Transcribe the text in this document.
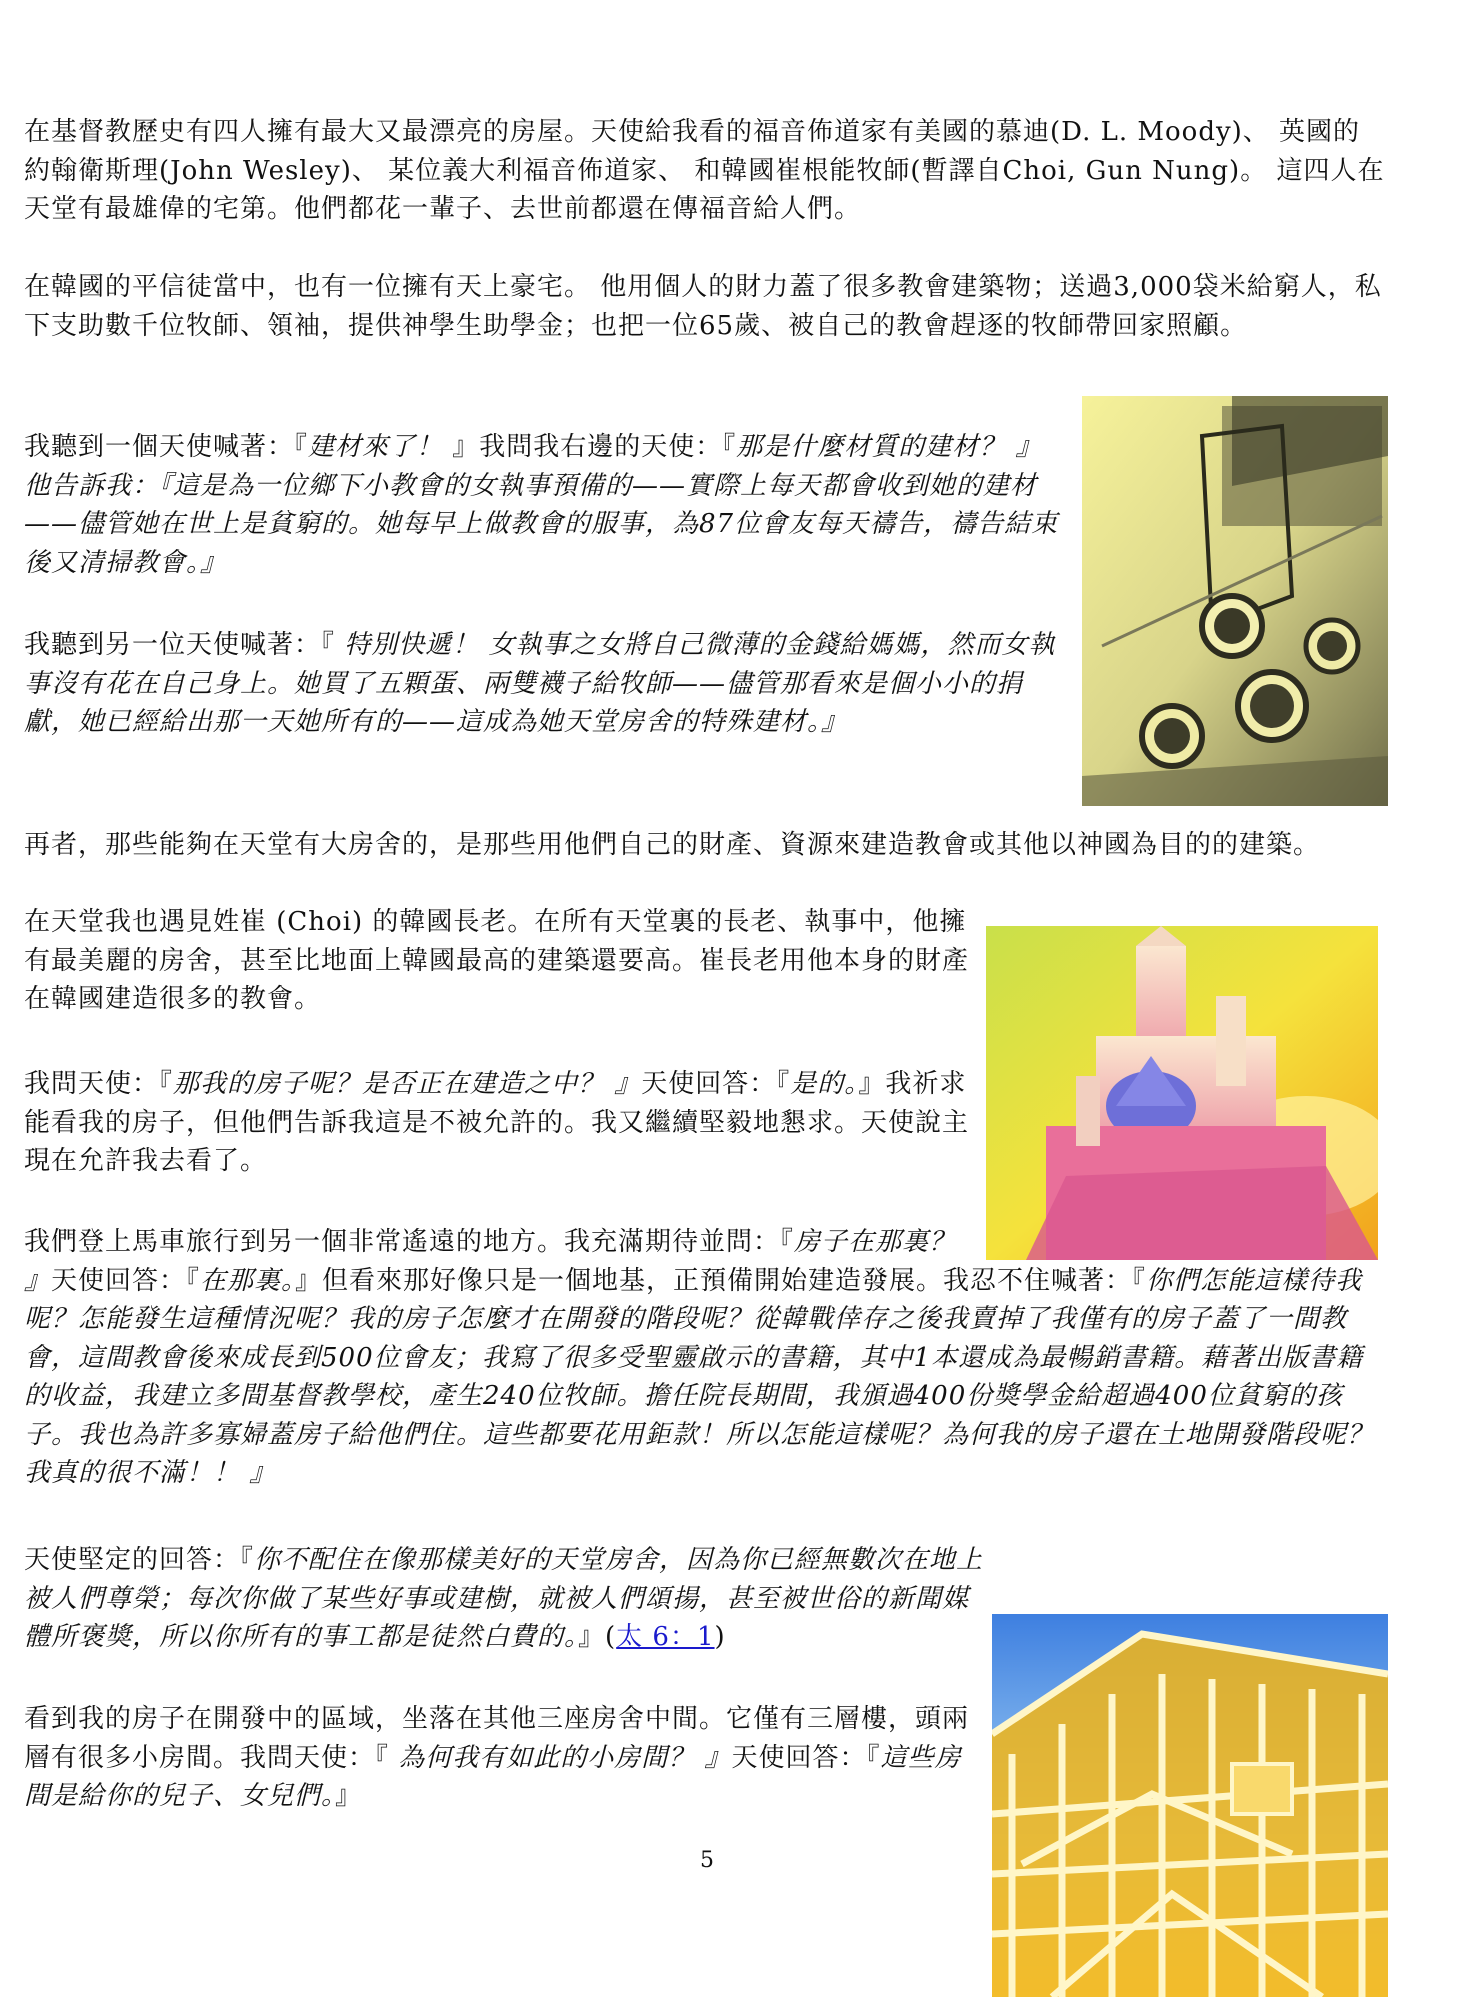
在基督教歷史有四人擁有最大又最漂亮的房屋。天使給我看的福音佈道家有美國的慕迪(D. L. Moody)、 英國的約翰衛斯理(John Wesley)、 某位義大利福音佈道家、 和韓國崔根能牧師(暫譯自Choi, Gun Nung)。 這四人在天堂有最雄偉的宅第。他們都花一輩子、去世前都還在傳福音給人們。

在韓國的平信徒當中，也有一位擁有天上豪宅。 他用個人的財力蓋了很多教會建築物；送過3,000袋米給窮人，私下支助數千位牧師、領袖，提供神學生助學金；也把一位65歲、被自己的教會趕逐的牧師帶回家照顧。

我聽到一個天使喊著：『建材來了！ 』我問我右邊的天使：『那是什麼材質的建材？ 』他告訴我：『這是為一位鄉下小教會的女執事預備的——實際上每天都會收到她的建材——儘管她在世上是貧窮的。她每早上做教會的服事，為87位會友每天禱告，禱告結束後又清掃教會。』

我聽到另一位天使喊著：『 特別快遞！ 女執事之女將自己微薄的金錢給媽媽，然而女執事沒有花在自己身上。她買了五顆蛋、兩雙襪子給牧師——儘管那看來是個小小的捐獻，她已經給出那一天她所有的——這成為她天堂房舍的特殊建材。』

再者，那些能夠在天堂有大房舍的，是那些用他們自己的財產、資源來建造教會或其他以神國為目的的建築。

在天堂我也遇見姓崔 (Choi) 的韓國長老。在所有天堂裏的長老、執事中，他擁有最美麗的房舍，甚至比地面上韓國最高的建築還要高。崔長老用他本身的財產在韓國建造很多的教會。

我問天使：『那我的房子呢？是否正在建造之中？ 』天使回答：『是的。』我祈求能看我的房子，但他們告訴我這是不被允許的。我又繼續堅毅地懇求。天使說主現在允許我去看了。

我們登上馬車旅行到另一個非常遙遠的地方。我充滿期待並問：『房子在那裏？ 』天使回答：『在那裏。』但看來那好像只是一個地基，正預備開始建造發展。我忍不住喊著：『你們怎能這樣待我呢？怎能發生這種情況呢？我的房子怎麼才在開發的階段呢？從韓戰倖存之後我賣掉了我僅有的房子蓋了一間教會，這間教會後來成長到500位會友；我寫了很多受聖靈啟示的書籍，其中1本還成為最暢銷書籍。藉著出版書籍的收益，我建立多間基督教學校，產生240位牧師。擔任院長期間，我頒過400份獎學金給超過400位貧窮的孩子。我也為許多寡婦蓋房子給他們住。這些都要花用鉅款！所以怎能這樣呢？為何我的房子還在土地開發階段呢？我真的很不滿！！ 』

天使堅定的回答：『你不配住在像那樣美好的天堂房舍，因為你已經無數次在地上被人們尊榮；每次你做了某些好事或建樹，就被人們頌揚，甚至被世俗的新聞媒體所褒獎，所以你所有的事工都是徒然白費的。』(太 6：1)

看到我的房子在開發中的區域，坐落在其他三座房舍中間。它僅有三層樓，頭兩層有很多小房間。我問天使：『 為何我有如此的小房間？ 』天使回答：『這些房間是給你的兒子、女兒們。』

5
